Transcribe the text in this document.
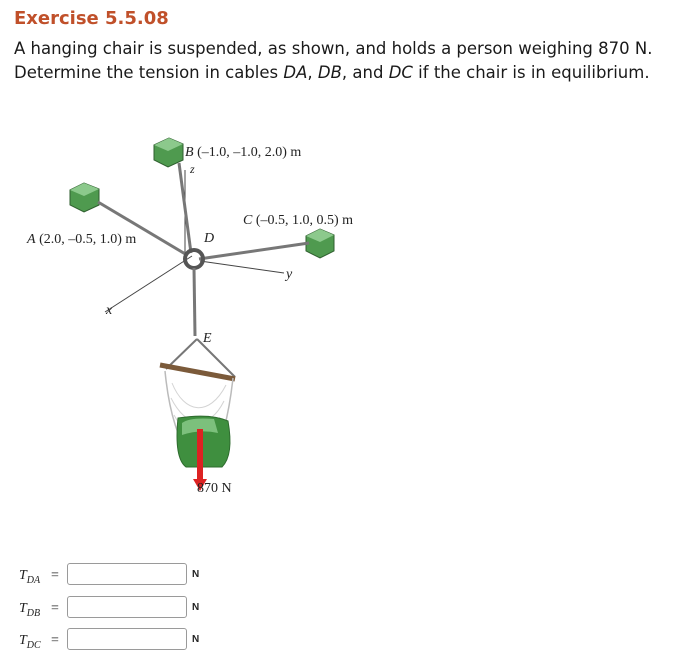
Exercise 5.5.08
A hanging chair is suspended, as shown, and holds a person weighing 870 N. Determine the tension in cables DA, DB, and DC if the chair is in equilibrium.
B (–1.0, –1.0, 2.0) m
A (2.0, –0.5, 1.0) m
C (–0.5, 1.0, 0.5) m
D
E
z
x
y
870 N
$T_{DA}$ =	N
$T_{DB}$ =	N
$T_{DC}$ =	N
